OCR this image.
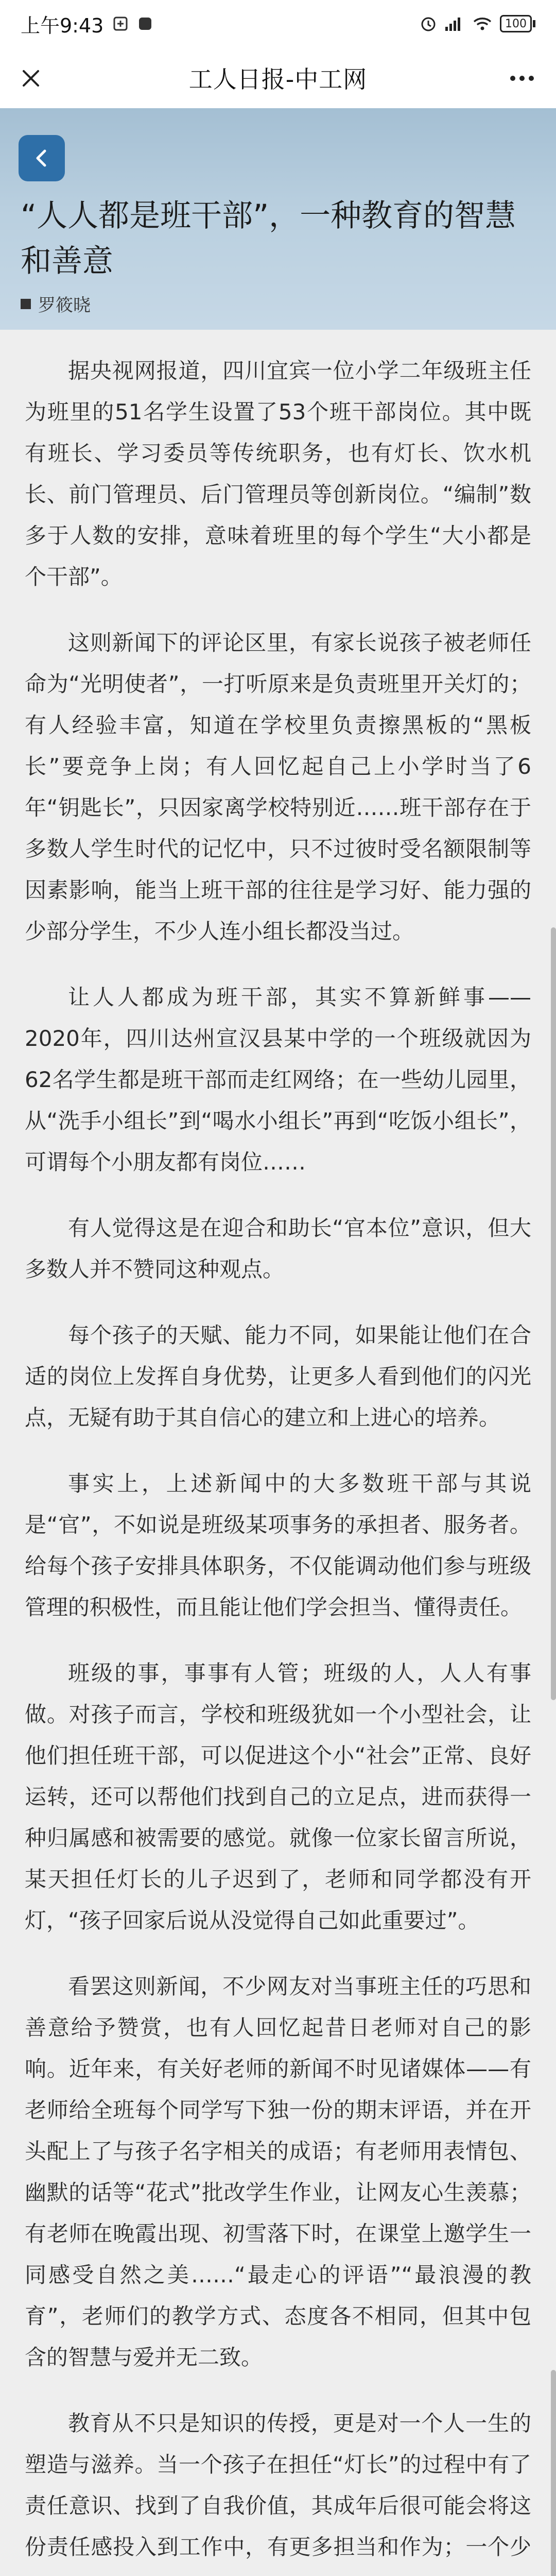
上午9:43	100
工人日报-中工网
“人人都是班干部”，一种教育的智慧和善意
罗筱晓

据央视网报道，四川宜宾一位小学二年级班主任为班里的51名学生设置了53个班干部岗位。其中既有班长、学习委员等传统职务，也有灯长、饮水机长、前门管理员、后门管理员等创新岗位。“编制”数多于人数的安排，意味着班里的每个学生“大小都是个干部”。

这则新闻下的评论区里，有家长说孩子被老师任命为“光明使者”，一打听原来是负责班里开关灯的；有人经验丰富，知道在学校里负责擦黑板的“黑板长”要竞争上岗；有人回忆起自己上小学时当了6年“钥匙长”，只因家离学校特别近……班干部存在于多数人学生时代的记忆中，只不过彼时受名额限制等因素影响，能当上班干部的往往是学习好、能力强的少部分学生，不少人连小组长都没当过。

让人人都成为班干部，其实不算新鲜事——2020年，四川达州宣汉县某中学的一个班级就因为62名学生都是班干部而走红网络；在一些幼儿园里，从“洗手小组长”到“喝水小组长”再到“吃饭小组长”，可谓每个小朋友都有岗位……

有人觉得这是在迎合和助长“官本位”意识，但大多数人并不赞同这种观点。

每个孩子的天赋、能力不同，如果能让他们在合适的岗位上发挥自身优势，让更多人看到他们的闪光点，无疑有助于其自信心的建立和上进心的培养。

事实上，上述新闻中的大多数班干部与其说是“官”，不如说是班级某项事务的承担者、服务者。给每个孩子安排具体职务，不仅能调动他们参与班级管理的积极性，而且能让他们学会担当、懂得责任。

班级的事，事事有人管；班级的人，人人有事做。对孩子而言，学校和班级犹如一个小型社会，让他们担任班干部，可以促进这个小“社会”正常、良好运转，还可以帮他们找到自己的立足点，进而获得一种归属感和被需要的感觉。就像一位家长留言所说，某天担任灯长的儿子迟到了，老师和同学都没有开灯，“孩子回家后说从没觉得自己如此重要过”。

看罢这则新闻，不少网友对当事班主任的巧思和善意给予赞赏，也有人回忆起昔日老师对自己的影响。近年来，有关好老师的新闻不时见诸媒体——有老师给全班每个同学写下独一份的期末评语，并在开头配上了与孩子名字相关的成语；有老师用表情包、幽默的话等“花式”批改学生作业，让网友心生羡慕；有老师在晚霞出现、初雪落下时，在课堂上邀学生一同感受自然之美……“最走心的评语”“最浪漫的教育”，老师们的教学方式、态度各不相同，但其中包含的智慧与爱并无二致。

教育从不只是知识的传授，更是对一个人一生的塑造与滋养。当一个孩子在担任“灯长”的过程中有了责任意识、找到了自我价值，其成年后很可能会将这份责任感投入到工作中，有更多担当和作为；一个少
